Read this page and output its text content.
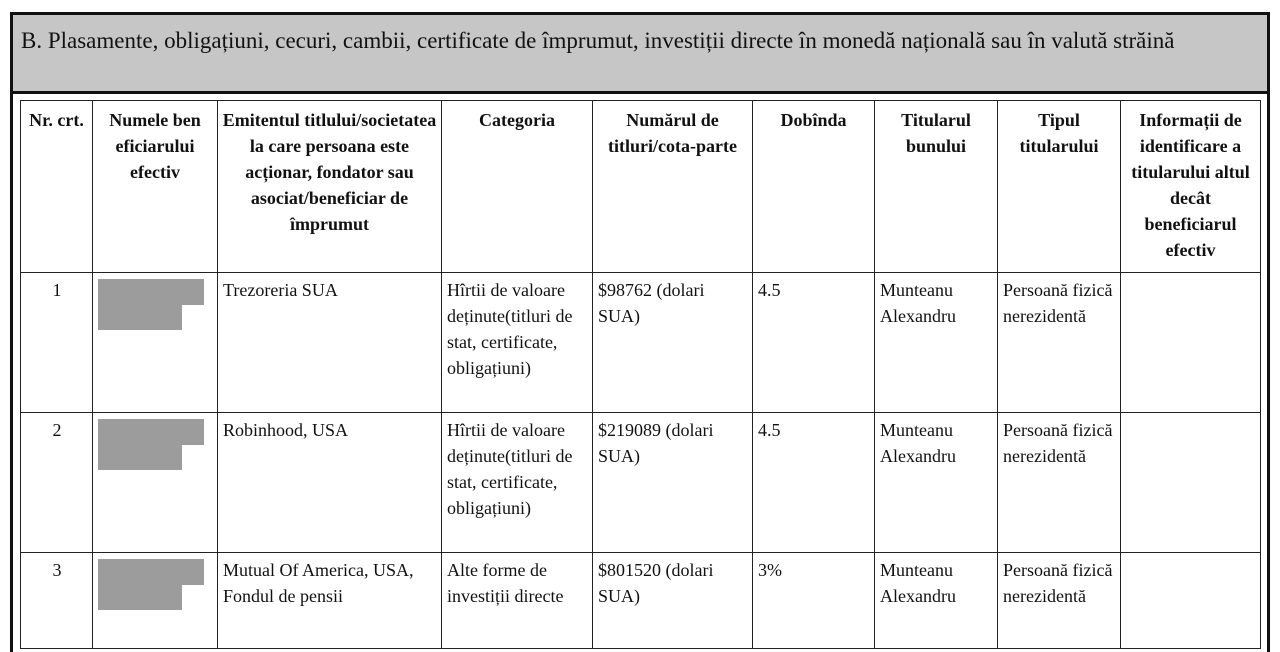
B. Plasamente, obligațiuni, cecuri, cambii, certificate de împrumut, investiții directe în monedă națională sau în valută străină
Nr. crt.	Numele ben eficiarului efectiv	Emitentul titlului/societatea la care persoana este acționar, fondator sau asociat/beneficiar de împrumut	Categoria	Numărul de titluri/cota-parte	Dobînda	Titularul bunului	Tipul titularului	Informații de identificare a titularului altul decât beneficiarul efectiv
1		Trezoreria SUA	Hîrtii de valoare deținute(titluri de stat, certificate, obligațiuni)	$98762 (dolari SUA)	4.5	Munteanu Alexandru	Persoană fizică nerezidentă	
2		Robinhood, USA	Hîrtii de valoare deținute(titluri de stat, certificate, obligațiuni)	$219089 (dolari SUA)	4.5	Munteanu Alexandru	Persoană fizică nerezidentă	
3		Mutual Of America, USA, Fondul de pensii	Alte forme de investiții directe	$801520 (dolari SUA)	3%	Munteanu Alexandru	Persoană fizică nerezidentă	
